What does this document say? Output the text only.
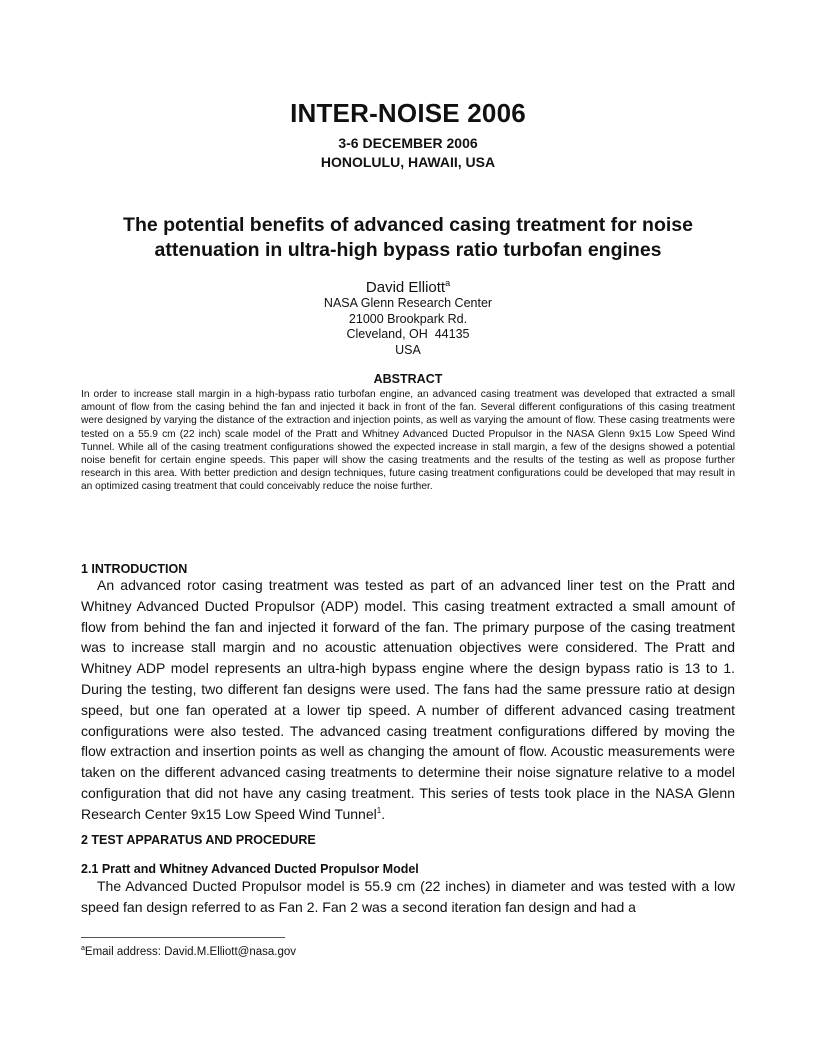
INTER-NOISE 2006
3-6 DECEMBER 2006
HONOLULU, HAWAII, USA
The potential benefits of advanced casing treatment for noise attenuation in ultra-high bypass ratio turbofan engines
David Elliott$^a$
NASA Glenn Research Center
21000 Brookpark Rd.
Cleveland, OH  44135
USA
ABSTRACT
In order to increase stall margin in a high-bypass ratio turbofan engine, an advanced casing treatment was developed that extracted a small amount of flow from the casing behind the fan and injected it back in front of the fan. Several different configurations of this casing treatment were designed by varying the distance of the extraction and injection points, as well as varying the amount of flow. These casing treatments were tested on a 55.9 cm (22 inch) scale model of the Pratt and Whitney Advanced Ducted Propulsor in the NASA Glenn 9x15 Low Speed Wind Tunnel. While all of the casing treatment configurations showed the expected increase in stall margin, a few of the designs showed a potential noise benefit for certain engine speeds. This paper will show the casing treatments and the results of the testing as well as propose further research in this area. With better prediction and design techniques, future casing treatment configurations could be developed that may result in an optimized casing treatment that could conceivably reduce the noise further.
1 INTRODUCTION
An advanced rotor casing treatment was tested as part of an advanced liner test on the Pratt and Whitney Advanced Ducted Propulsor (ADP) model. This casing treatment extracted a small amount of flow from behind the fan and injected it forward of the fan. The primary purpose of the casing treatment was to increase stall margin and no acoustic attenuation objectives were considered. The Pratt and Whitney ADP model represents an ultra-high bypass engine where the design bypass ratio is 13 to 1. During the testing, two different fan designs were used. The fans had the same pressure ratio at design speed, but one fan operated at a lower tip speed. A number of different advanced casing treatment configurations were also tested. The advanced casing treatment configurations differed by moving the flow extraction and insertion points as well as changing the amount of flow. Acoustic measurements were taken on the different advanced casing treatments to determine their noise signature relative to a model configuration that did not have any casing treatment. This series of tests took place in the NASA Glenn Research Center 9x15 Low Speed Wind Tunnel$^1$.
2 TEST APPARATUS AND PROCEDURE
2.1 Pratt and Whitney Advanced Ducted Propulsor Model
The Advanced Ducted Propulsor model is 55.9 cm (22 inches) in diameter and was tested with a low speed fan design referred to as Fan 2. Fan 2 was a second iteration fan design and had a
$^a$Email address: David.M.Elliott@nasa.gov
